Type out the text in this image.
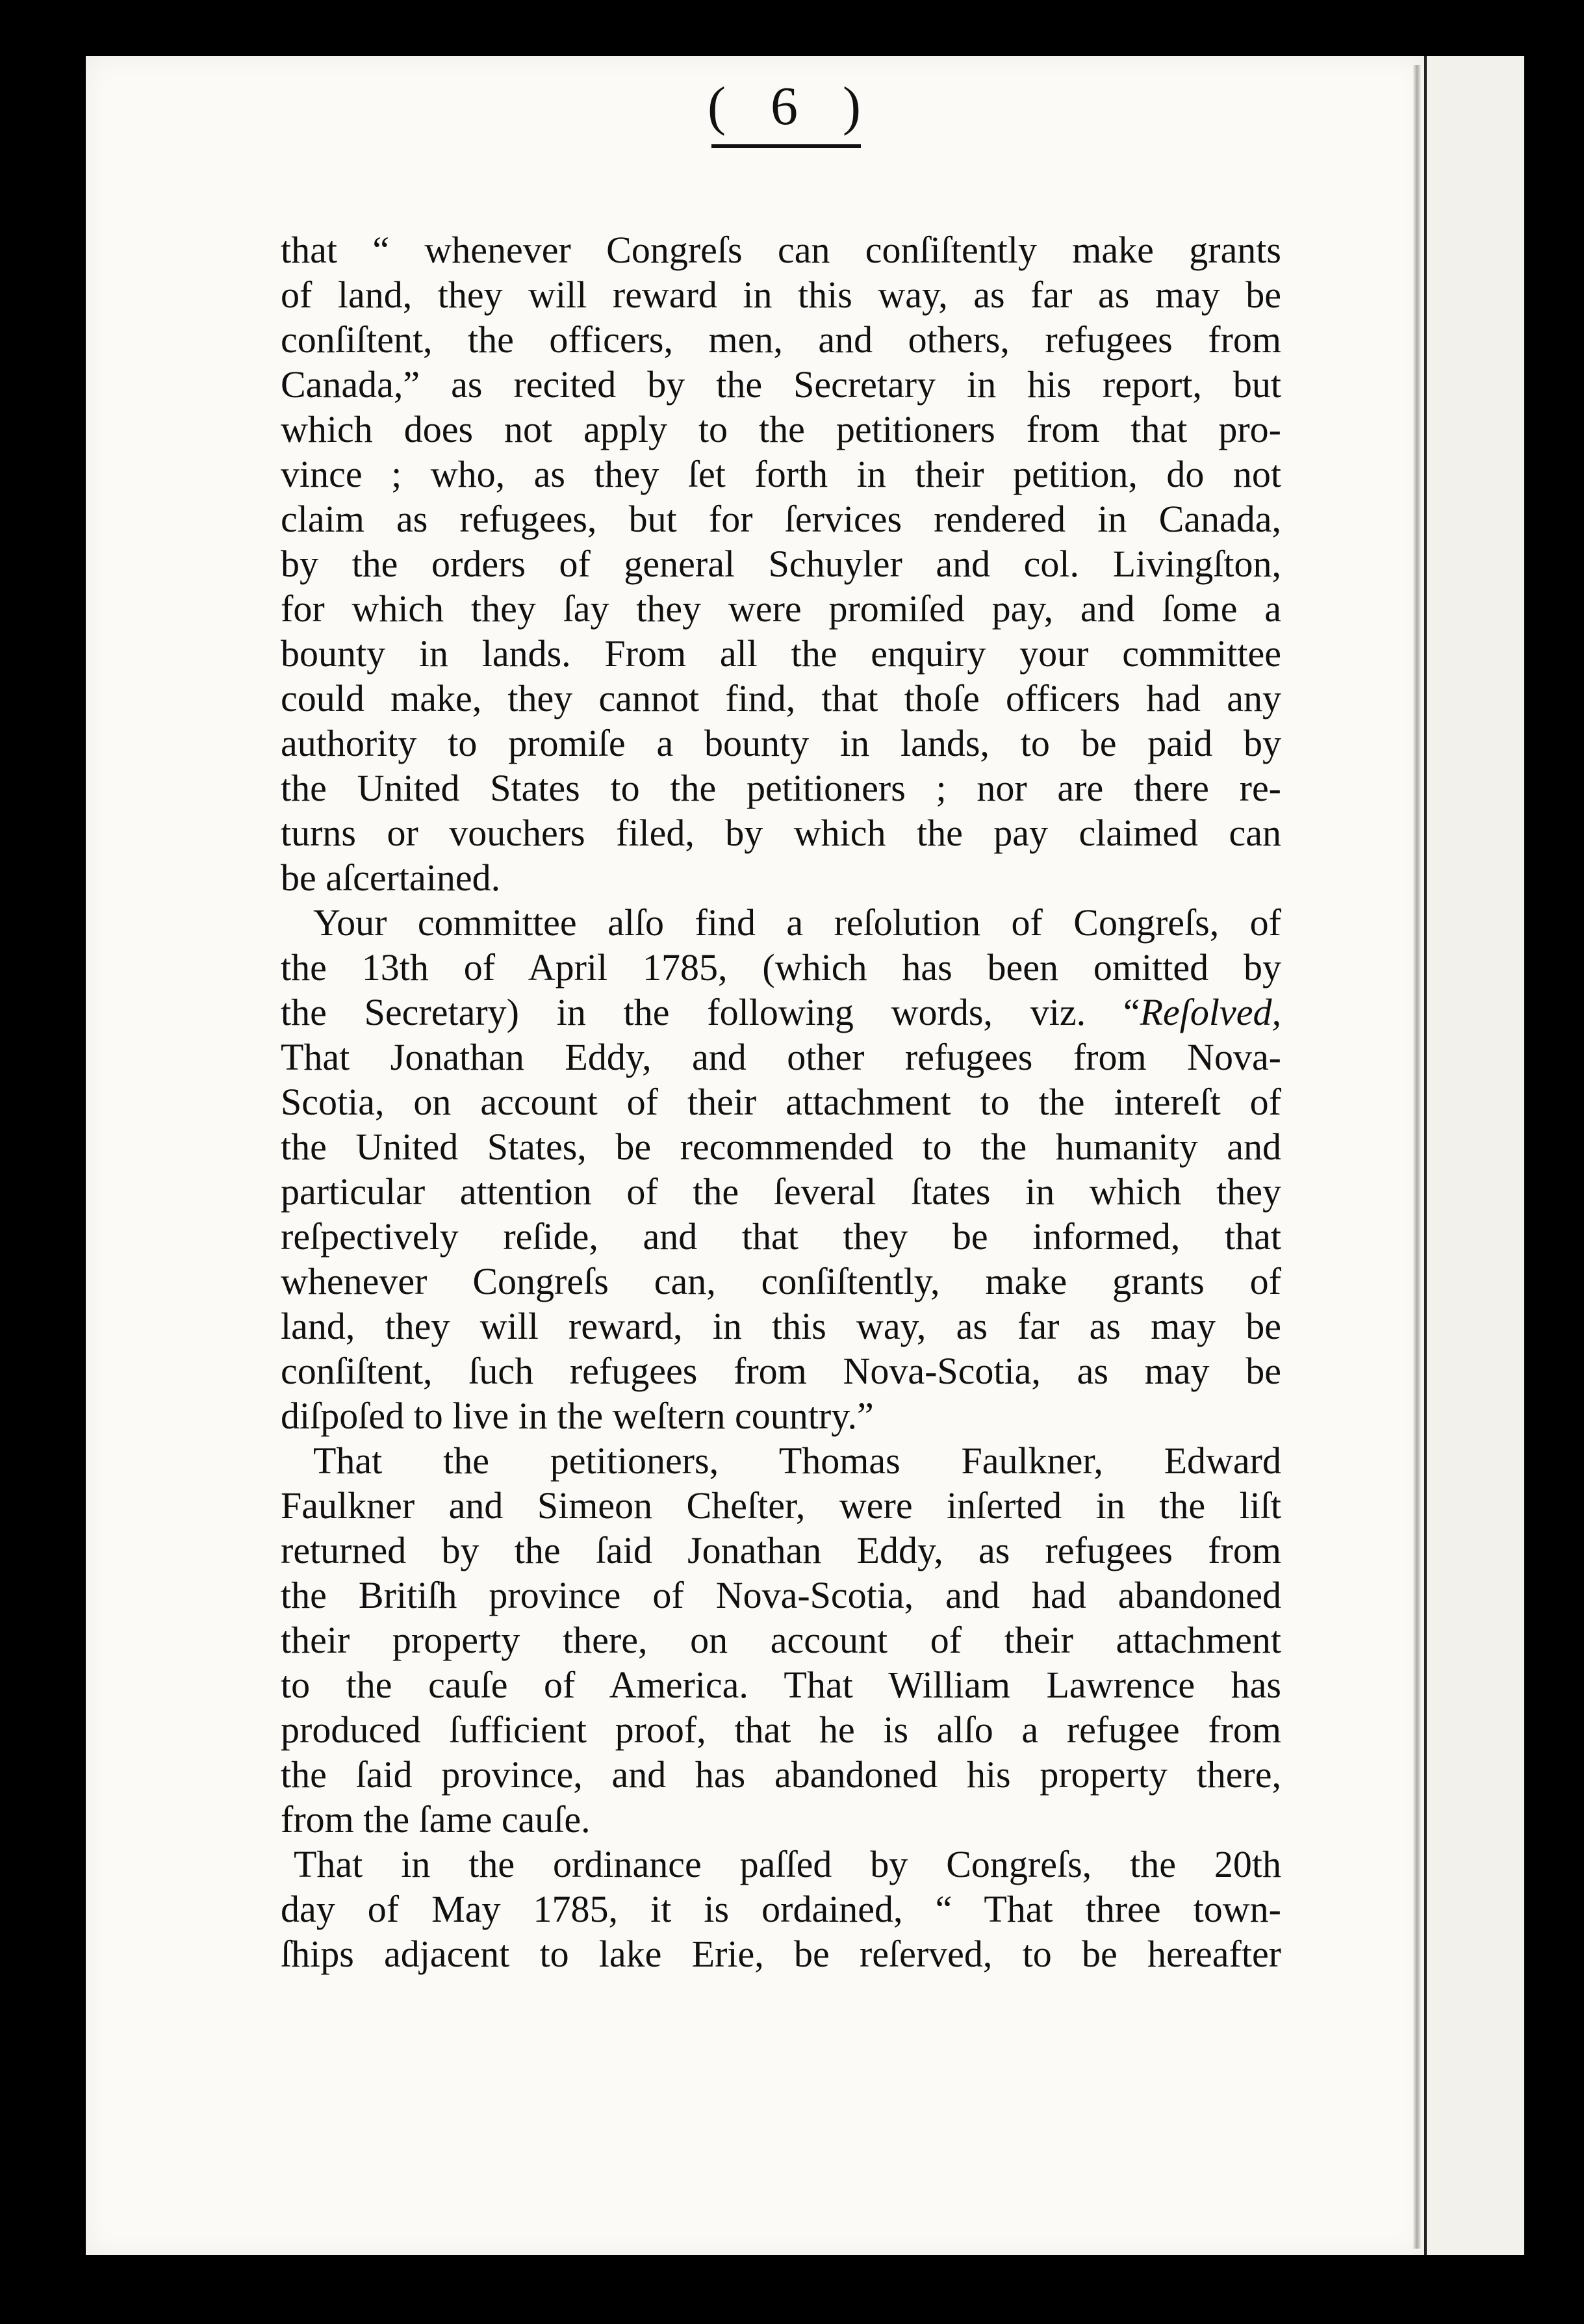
( 6 )
that “ whenever Congreſs can conſiſtently make grants
of land, they will reward in this way, as far as may be
conſiſtent, the officers, men, and others, refugees from
Canada,” as recited by the Secretary in his report, but
which does not apply to the petitioners from that pro-
vince ; who, as they ſet forth in their petition, do not
claim as refugees, but for ſervices rendered in Canada,
by the orders of general Schuyler and col. Livingſton,
for which they ſay they were promiſed pay, and ſome a
bounty in lands. From all the enquiry your committee
could make, they cannot find, that thoſe officers had any
authority to promiſe a bounty in lands, to be paid by
the United States to the petitioners ; nor are there re-
turns or vouchers filed, by which the pay claimed can
be aſcertained.
Your committee alſo find a reſolution of Congreſs, of
the 13th of April 1785, (which has been omitted by
the Secretary) in the following words, viz. “Reſolved,
That Jonathan Eddy, and other refugees from Nova-
Scotia, on account of their attachment to the intereſt of
the United States, be recommended to the humanity and
particular attention of the ſeveral ſtates in which they
reſpectively reſide, and that they be informed, that
whenever Congreſs can, conſiſtently, make grants of
land, they will reward, in this way, as far as may be
conſiſtent, ſuch refugees from Nova-Scotia, as may be
diſpoſed to live in the weſtern country.”
That the petitioners, Thomas Faulkner, Edward
Faulkner and Simeon Cheſter, were inſerted in the liſt
returned by the ſaid Jonathan Eddy, as refugees from
the Britiſh province of Nova-Scotia, and had abandoned
their property there, on account of their attachment
to the cauſe of America. That William Lawrence has
produced ſufficient proof, that he is alſo a refugee from
the ſaid province, and has abandoned his property there,
from the ſame cauſe.
That in the ordinance paſſed by Congreſs, the 20th
day of May 1785, it is ordained, “ That three town-
ſhips adjacent to lake Erie, be reſerved, to be hereafter
